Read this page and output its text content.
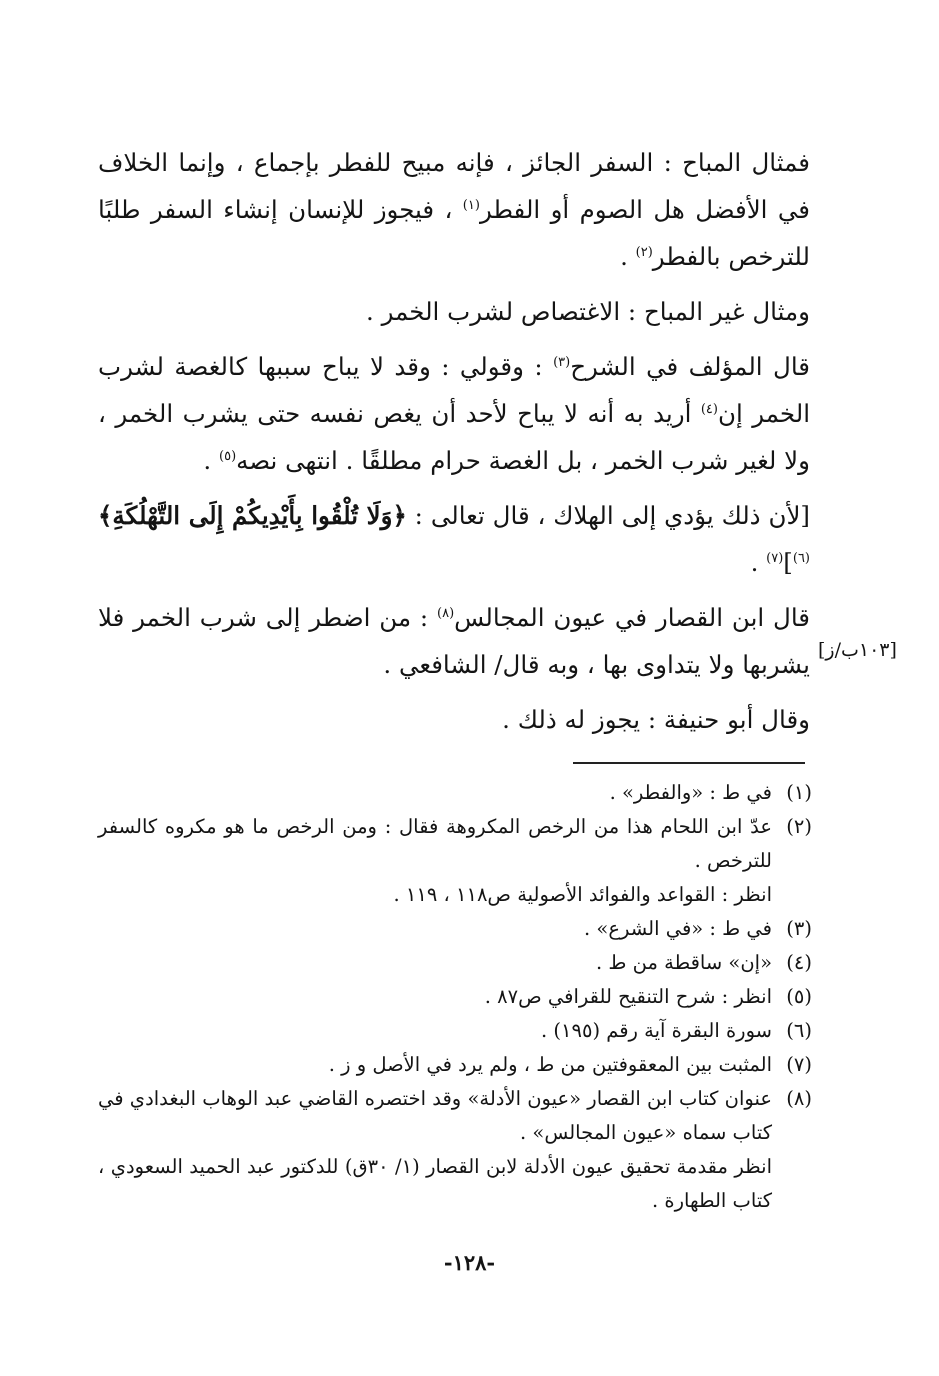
فمثال المباح : السفر الجائز ، فإنه مبيح للفطر بإجماع ، وإنما الخلاف في الأفضل هل الصوم أو الفطر$^{(١)}$ ، فيجوز للإنسان إنشاء السفر طلبًا للترخص بالفطر$^{(٢)}$ .

ومثال غير المباح : الاغتصاص لشرب الخمر .

قال المؤلف في الشرح$^{(٣)}$ : وقولي : وقد لا يباح سببها كالغصة لشرب الخمر إن$^{(٤)}$ أريد به أنه لا يباح لأحد أن يغص نفسه حتى يشرب الخمر ، ولا لغير شرب الخمر ، بل الغصة حرام مطلقًا . انتهى نصه$^{(٥)}$ .

[لأن ذلك يؤدي إلى الهلاك ، قال تعالى : ﴿وَلَا تُلْقُوا بِأَيْدِيكُمْ إِلَى التَّهْلُكَةِ﴾$^{(٦)}$]$^{(٧)}$ .

قال ابن القصار في عيون المجالس$^{(٨)}$ : من اضطر إلى شرب الخمر فلا يشربها ولا يتداوى بها ، وبه قال/ الشافعي .

وقال أبو حنيفة : يجوز له ذلك .

[١٠٣ب/ز]
(١)
في ط : «والفطر» .
(٢)
عدّ ابن اللحام هذا من الرخص المكروهة فقال : ومن الرخص ما هو مكروه كالسفر للترخص .
انظر : القواعد والفوائد الأصولية ص١١٨ ، ١١٩ .
(٣)
في ط : «في الشرع» .
(٤)
«إن» ساقطة من ط .
(٥)
انظر : شرح التنقيح للقرافي ص٨٧ .
(٦)
سورة البقرة آية رقم (١٩٥) .
(٧)
المثبت بين المعقوفتين من ط ، ولم يرد في الأصل و ز .
(٨)
عنوان كتاب ابن القصار «عيون الأدلة» وقد اختصره القاضي عبد الوهاب البغدادي في كتاب سماه «عيون المجالس» .
انظر مقدمة تحقيق عيون الأدلة لابن القصار (١/ ٣٠ق) للدكتور عبد الحميد السعودي ، كتاب الطهارة .
-١٢٨-
